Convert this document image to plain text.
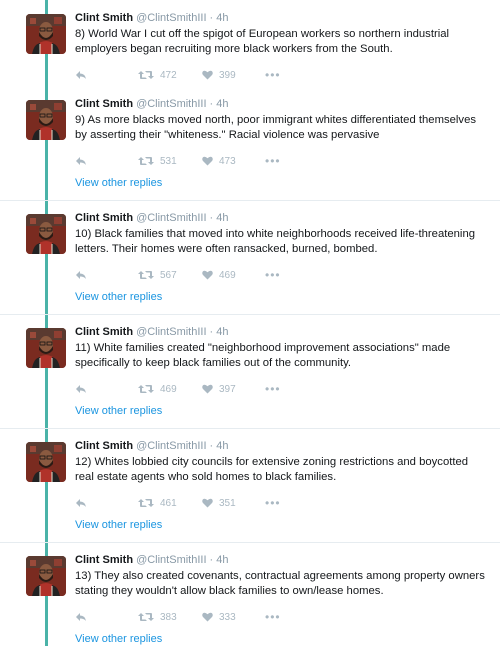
Clint Smith @ClintSmithIII · 4h
8) World War I cut off the spigot of European workers so northern industrial employers began recruiting more black workers from the South.
472	399 •••
Clint Smith @ClintSmithIII · 4h
9) As more blacks moved north, poor immigrant whites differentiated themselves by asserting their "whiteness." Racial violence was pervasive
531	473 •••
View other replies
Clint Smith @ClintSmithIII · 4h
10) Black families that moved into white neighborhoods received life-threatening letters. Their homes were often ransacked, burned, bombed.
567	469 •••
View other replies
Clint Smith @ClintSmithIII · 4h
11) White families created "neighborhood improvement associations" made specifically to keep black families out of the community.
469	397 •••
View other replies
Clint Smith @ClintSmithIII · 4h
12) Whites lobbied city councils for extensive zoning restrictions and boycotted real estate agents who sold homes to black families.
461	351 •••
View other replies
Clint Smith @ClintSmithIII · 4h
13) They also created covenants, contractual agreements among property owners stating they wouldn't allow black families to own/lease homes.
383	333 •••
View other replies
